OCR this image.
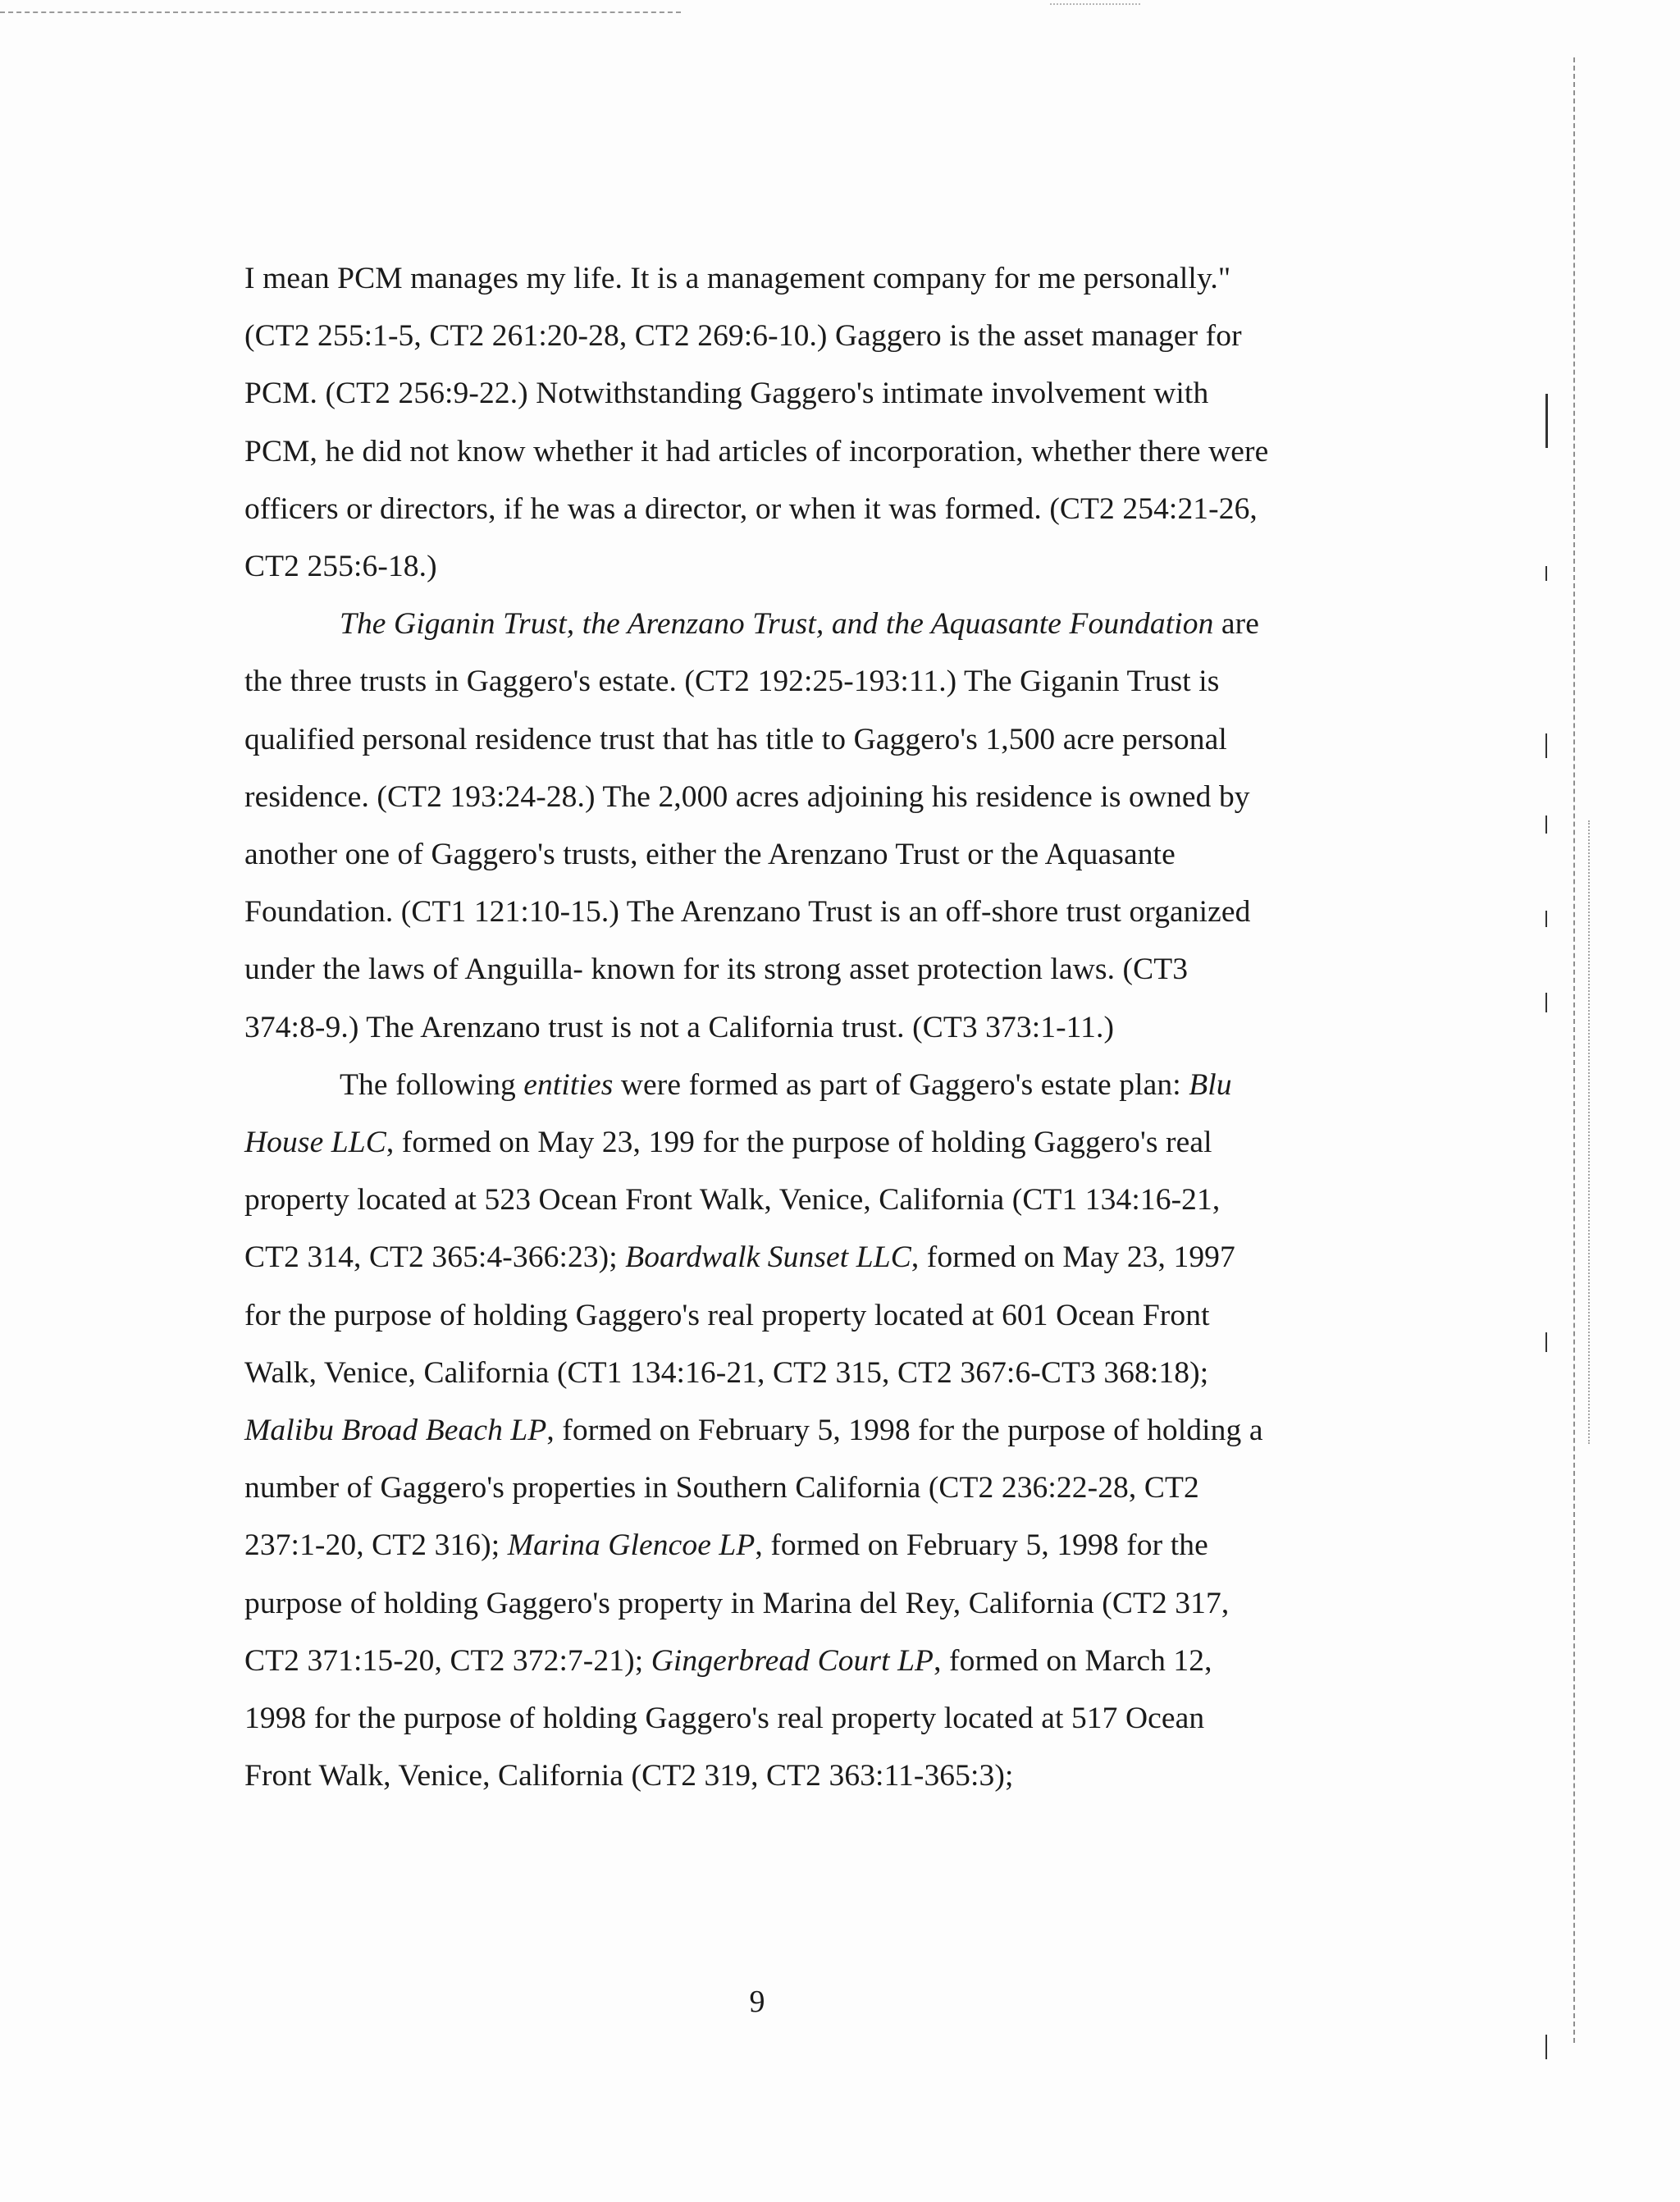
I mean PCM manages my life. It is a management company for me personally." (CT2 255:1-5, CT2 261:20-28, CT2 269:6-10.) Gaggero is the asset manager for PCM. (CT2 256:9-22.) Notwithstanding Gaggero's intimate involvement with PCM, he did not know whether it had articles of incorporation, whether there were officers or directors, if he was a director, or when it was formed. (CT2 254:21-26, CT2 255:6-18.)

The Giganin Trust, the Arenzano Trust, and the Aquasante Foundation are the three trusts in Gaggero's estate. (CT2 192:25-193:11.) The Giganin Trust is qualified personal residence trust that has title to Gaggero's 1,500 acre personal residence. (CT2 193:24-28.) The 2,000 acres adjoining his residence is owned by another one of Gaggero's trusts, either the Arenzano Trust or the Aquasante Foundation. (CT1 121:10-15.) The Arenzano Trust is an off-shore trust organized under the laws of Anguilla- known for its strong asset protection laws. (CT3 374:8-9.) The Arenzano trust is not a California trust. (CT3 373:1-11.)

The following entities were formed as part of Gaggero's estate plan: Blu House LLC, formed on May 23, 199 for the purpose of holding Gaggero's real property located at 523 Ocean Front Walk, Venice, California (CT1 134:16-21, CT2 314, CT2 365:4-366:23); Boardwalk Sunset LLC, formed on May 23, 1997 for the purpose of holding Gaggero's real property located at 601 Ocean Front Walk, Venice, California (CT1 134:16-21, CT2 315, CT2 367:6-CT3 368:18); Malibu Broad Beach LP, formed on February 5, 1998 for the purpose of holding a number of Gaggero's properties in Southern California (CT2 236:22-28, CT2 237:1-20, CT2 316); Marina Glencoe LP, formed on February 5, 1998 for the purpose of holding Gaggero's property in Marina del Rey, California (CT2 317, CT2 371:15-20, CT2 372:7-21); Gingerbread Court LP, formed on March 12, 1998 for the purpose of holding Gaggero's real property located at 517 Ocean Front Walk, Venice, California (CT2 319, CT2 363:11-365:3);

9
